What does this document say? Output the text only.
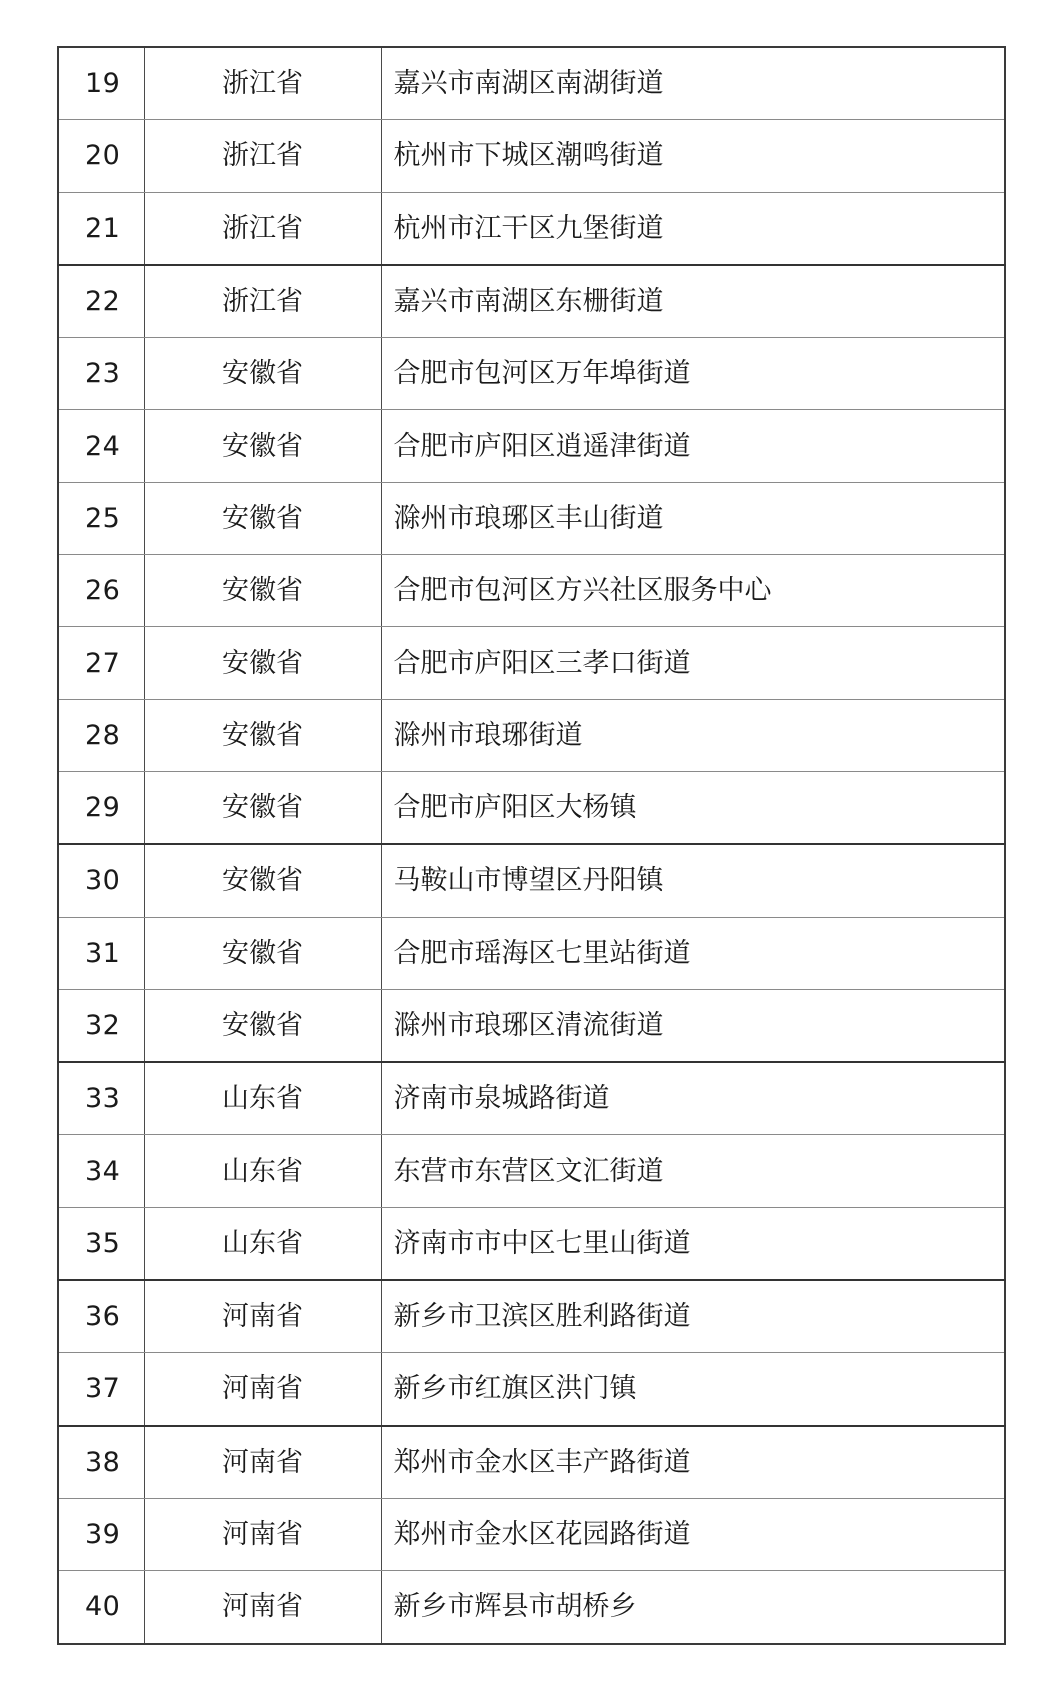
19	浙江省	嘉兴市南湖区南湖街道
20	浙江省	杭州市下城区潮鸣街道
21	浙江省	杭州市江干区九堡街道
22	浙江省	嘉兴市南湖区东栅街道
23	安徽省	合肥市包河区万年埠街道
24	安徽省	合肥市庐阳区逍遥津街道
25	安徽省	滁州市琅琊区丰山街道
26	安徽省	合肥市包河区方兴社区服务中心
27	安徽省	合肥市庐阳区三孝口街道
28	安徽省	滁州市琅琊街道
29	安徽省	合肥市庐阳区大杨镇
30	安徽省	马鞍山市博望区丹阳镇
31	安徽省	合肥市瑶海区七里站街道
32	安徽省	滁州市琅琊区清流街道
33	山东省	济南市泉城路街道
34	山东省	东营市东营区文汇街道
35	山东省	济南市市中区七里山街道
36	河南省	新乡市卫滨区胜利路街道
37	河南省	新乡市红旗区洪门镇
38	河南省	郑州市金水区丰产路街道
39	河南省	郑州市金水区花园路街道
40	河南省	新乡市辉县市胡桥乡
